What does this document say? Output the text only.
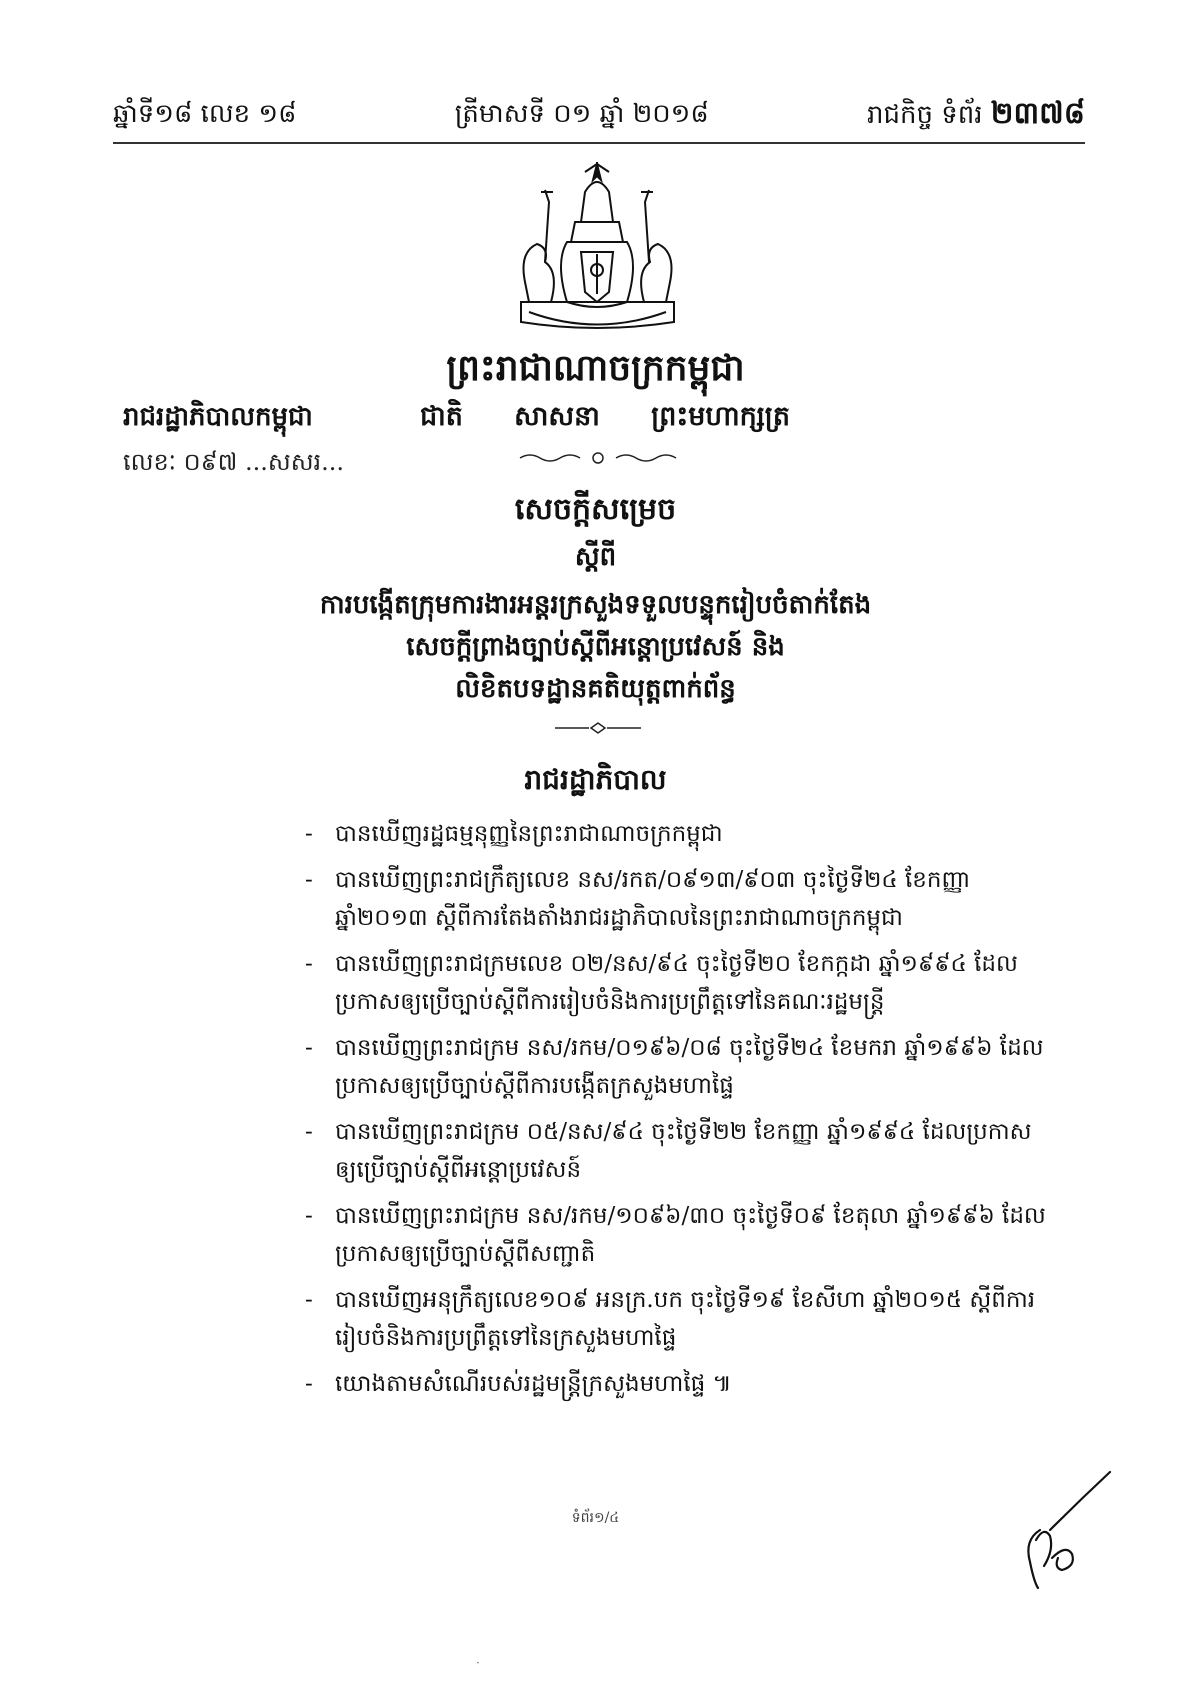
ឆ្នាំទី១៨ លេខ ១៨	ត្រីមាសទី ០១ ឆ្នាំ ២០១៨	រាជកិច្ច ទំព័រ ២៣៧៨
ព្រះរាជាណាចក្រកម្ពុជា
រាជរដ្ឋាភិបាលកម្ពុជា
លេខៈ ០៩៧ ...សសរ...
ជាតិ សាសនា ព្រះមហាក្សត្រ
សេចក្តីសម្រេច
ស្តីពី
ការបង្កើតក្រុមការងារអន្តរក្រសួងទទួលបន្ទុករៀបចំតាក់តែង
សេចក្តីព្រាងច្បាប់ស្តីពីអន្តោប្រវេសន៍ និង
លិខិតបទដ្ឋានគតិយុត្តពាក់ព័ន្ធ
រាជរដ្ឋាភិបាល
- បានឃើញរដ្ឋធម្មនុញ្ញនៃព្រះរាជាណាចក្រកម្ពុជា
- បានឃើញព្រះរាជក្រឹត្យលេខ នស/រកត/០៩១៣/៩០៣ ចុះថ្ងៃទី២៤ ខែកញ្ញា ឆ្នាំ២០១៣ ស្តីពីការតែងតាំងរាជរដ្ឋាភិបាលនៃព្រះរាជាណាចក្រកម្ពុជា
- បានឃើញព្រះរាជក្រមលេខ ០២/នស/៩៤ ចុះថ្ងៃទី២០ ខែកក្កដា ឆ្នាំ១៩៩៤ ដែលប្រកាសឲ្យប្រើច្បាប់ស្តីពីការរៀបចំនិងការប្រព្រឹត្តទៅនៃគណៈរដ្ឋមន្ត្រី
- បានឃើញព្រះរាជក្រម នស/រកម/០១៩៦/០៨ ចុះថ្ងៃទី២៤ ខែមករា ឆ្នាំ១៩៩៦ ដែលប្រកាសឲ្យប្រើច្បាប់ស្តីពីការបង្កើតក្រសួងមហាផ្ទៃ
- បានឃើញព្រះរាជក្រម ០៥/នស/៩៤ ចុះថ្ងៃទី២២ ខែកញ្ញា ឆ្នាំ១៩៩៤ ដែលប្រកាសឲ្យប្រើច្បាប់ស្តីពីអន្តោប្រវេសន៍
- បានឃើញព្រះរាជក្រម នស/រកម/១០៩៦/៣០ ចុះថ្ងៃទី០៩ ខែតុលា ឆ្នាំ១៩៩៦ ដែលប្រកាសឲ្យប្រើច្បាប់ស្តីពីសញ្ជាតិ
- បានឃើញអនុក្រឹត្យលេខ១០៩ អនក្រ.បក ចុះថ្ងៃទី១៩ ខែសីហា ឆ្នាំ២០១៥ ស្តីពីការរៀបចំនិងការប្រព្រឹត្តទៅនៃក្រសួងមហាផ្ទៃ
- យោងតាមសំណើរបស់រដ្ឋមន្ត្រីក្រសួងមហាផ្ទៃ ៕
ទំព័រ១/៤
·
